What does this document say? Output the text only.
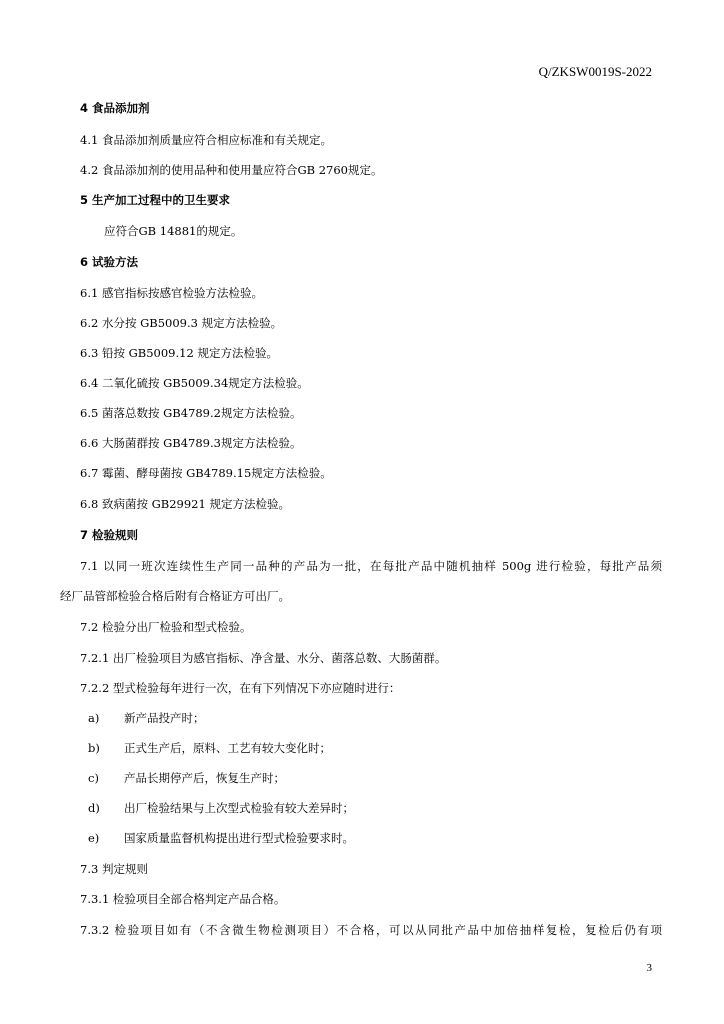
Q/ZKSW0019S-2022
4 食品添加剂
4.1 食品添加剂质量应符合相应标准和有关规定。
4.2 食品添加剂的使用品种和使用量应符合GB 2760规定。
5 生产加工过程中的卫生要求
应符合GB 14881的规定。
6 试验方法
6.1 感官指标按感官检验方法检验。
6.2 水分按 GB5009.3 规定方法检验。
6.3 铅按 GB5009.12 规定方法检验。
6.4 二氧化硫按 GB5009.34规定方法检验。
6.5 菌落总数按 GB4789.2规定方法检验。
6.6 大肠菌群按 GB4789.3规定方法检验。
6.7 霉菌、酵母菌按 GB4789.15规定方法检验。
6.8 致病菌按 GB29921 规定方法检验。
7 检验规则
7.1 以同一班次连续性生产同一品种的产品为一批，在每批产品中随机抽样 500g 进行检验，每批产品须
经厂品管部检验合格后附有合格证方可出厂。
7.2 检验分出厂检验和型式检验。
7.2.1 出厂检验项目为感官指标、净含量、水分、菌落总数、大肠菌群。
7.2.2 型式检验每年进行一次，在有下列情况下亦应随时进行：
a) 新产品投产时；
b) 正式生产后，原料、工艺有较大变化时；
c) 产品长期停产后，恢复生产时；
d) 出厂检验结果与上次型式检验有较大差异时；
e) 国家质量监督机构提出进行型式检验要求时。
7.3 判定规则
7.3.1 检验项目全部合格判定产品合格。
7.3.2 检验项目如有（不含微生物检测项目）不合格，可以从同批产品中加倍抽样复检，复检后仍有项
3
